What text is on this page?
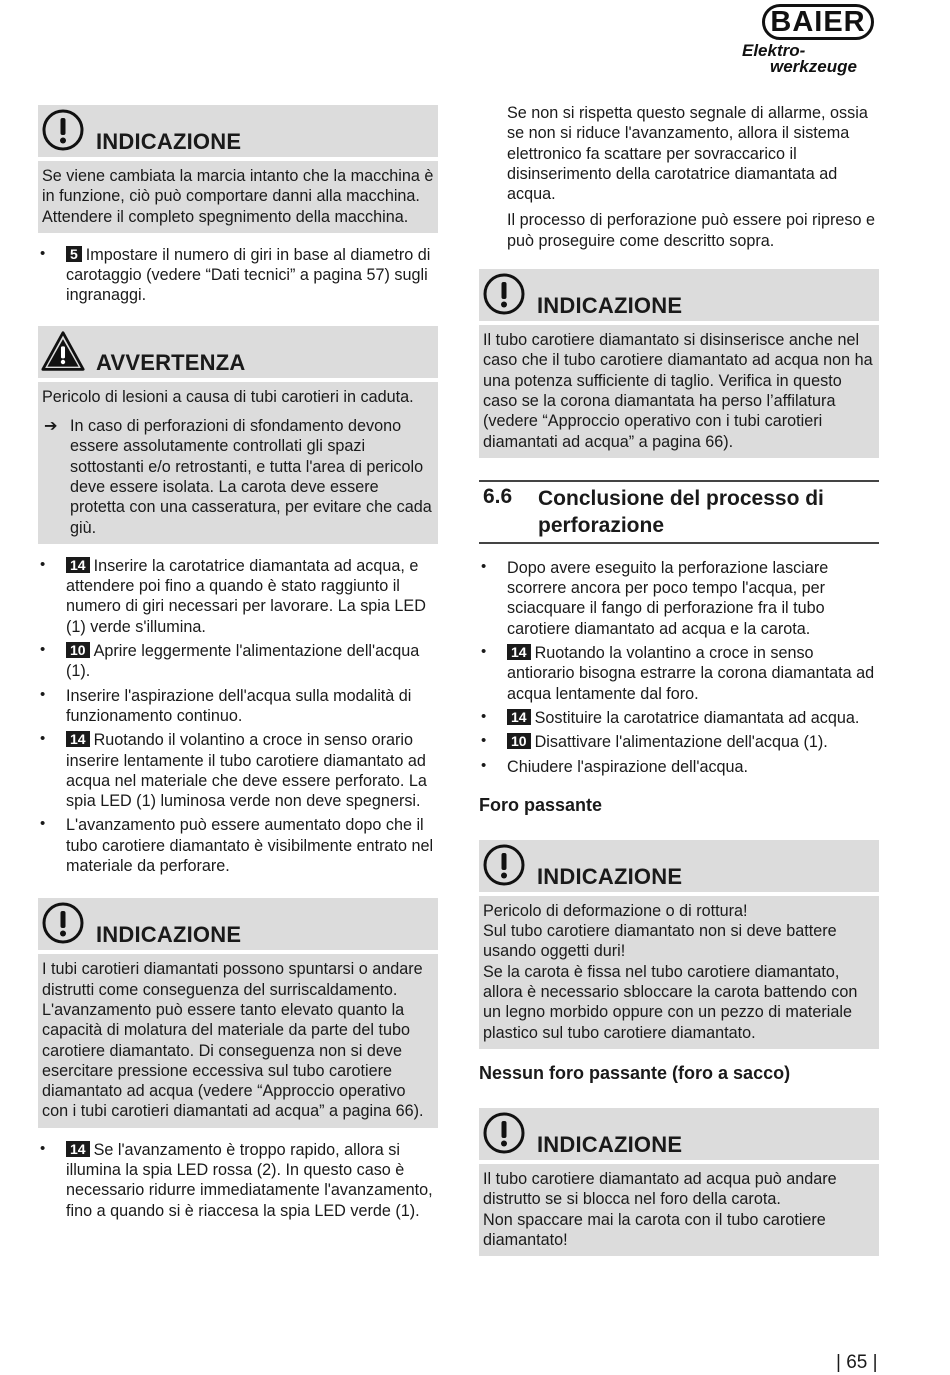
BAIER
Elektro-
werkzeuge
INDICAZIONE

Se viene cambiata la marcia intanto che la macchina è in funzione, ciò può comportare danni alla macchina.

Attendere il completo spegnimento della macchina.

• 5 Impostare il numero di giri in base al diametro di carotaggio (vedere “Dati tecnici” a pagina 57) sugli ingranaggi.
AVVERTENZA

Pericolo di lesioni a causa di tubi carotieri in caduta.

➔ In caso di perforazioni di sfondamento devono essere assolutamente controllati gli spazi sottostanti e/o retrostanti, e tutta l'area di pericolo deve essere isolata. La carota deve essere protetta con una casseratura, per evitare che cada giù.
• 14 Inserire la carotatrice diamantata ad acqua, e attendere poi fino a quando è stato raggiunto il numero di giri necessari per lavorare. La spia LED (1) verde s'illumina.
• 10 Aprire leggermente l'alimentazione dell'acqua (1).
• Inserire l'aspirazione dell'acqua sulla modalità di funzionamento continuo.
• 14 Ruotando il volantino a croce in senso orario inserire lentamente il tubo carotiere diamantato ad acqua nel materiale che deve essere perforato. La spia LED (1) luminosa verde non deve spegnersi.
• L'avanzamento può essere aumentato dopo che il tubo carotiere diamantato è visibilmente entrato nel materiale da perforare.
INDICAZIONE

I tubi carotieri diamantati possono spuntarsi o andare distrutti come conseguenza del surriscaldamento.

L'avanzamento può essere tanto elevato quanto la capacità di molatura del materiale da parte del tubo carotiere diamantato. Di conseguenza non si deve esercitare pressione eccessiva sul tubo carotiere diamantato ad acqua (vedere “Approccio operativo con i tubi carotieri diamantati ad acqua” a pagina 66).

• 14 Se l'avanzamento è troppo rapido, allora si illumina la spia LED rossa (2). In questo caso è necessario ridurre immediatamente l'avanzamento, fino a quando si è riaccesa la spia LED verde (1).

Se non si rispetta questo segnale di allarme, ossia se non si riduce l'avanzamento, allora il sistema elettronico fa scattare per sovraccarico il disinserimento della carotatrice diamantata ad acqua.

Il processo di perforazione può essere poi ripreso e può proseguire come descritto sopra.

INDICAZIONE

Il tubo carotiere diamantato si disinserisce anche nel caso che il tubo carotiere diamantato ad acqua non ha una potenza sufficiente di taglio. Verifica in questo caso se la corona diamantata ha perso l’affilatura (vedere “Approccio operativo con i tubi carotieri diamantati ad acqua” a pagina 66).

6.6 Conclusione del processo di perforazione
• Dopo avere eseguito la perforazione lasciare scorrere ancora per poco tempo l'acqua, per sciacquare il fango di perforazione fra il tubo carotiere diamantato ad acqua e la carota.
• 14 Ruotando la volantino a croce in senso antiorario bisogna estrarre la corona diamantata ad acqua lentamente dal foro.
• 14 Sostituire la carotatrice diamantata ad acqua.
• 10 Disattivare l'alimentazione dell'acqua (1).
• Chiudere l'aspirazione dell'acqua.
Foro passante
INDICAZIONE

Pericolo di deformazione o di rottura!

Sul tubo carotiere diamantato non si deve battere usando oggetti duri!

Se la carota è fissa nel tubo carotiere diamantato, allora è necessario sbloccare la carota battendo con un legno morbido oppure con un pezzo di materiale plastico sul tubo carotiere diamantato.

Nessun foro passante (foro a sacco)
INDICAZIONE

Il tubo carotiere diamantato ad acqua può andare distrutto se si blocca nel foro della carota.

Non spaccare mai la carota con il tubo carotiere diamantato!

| 65 |
